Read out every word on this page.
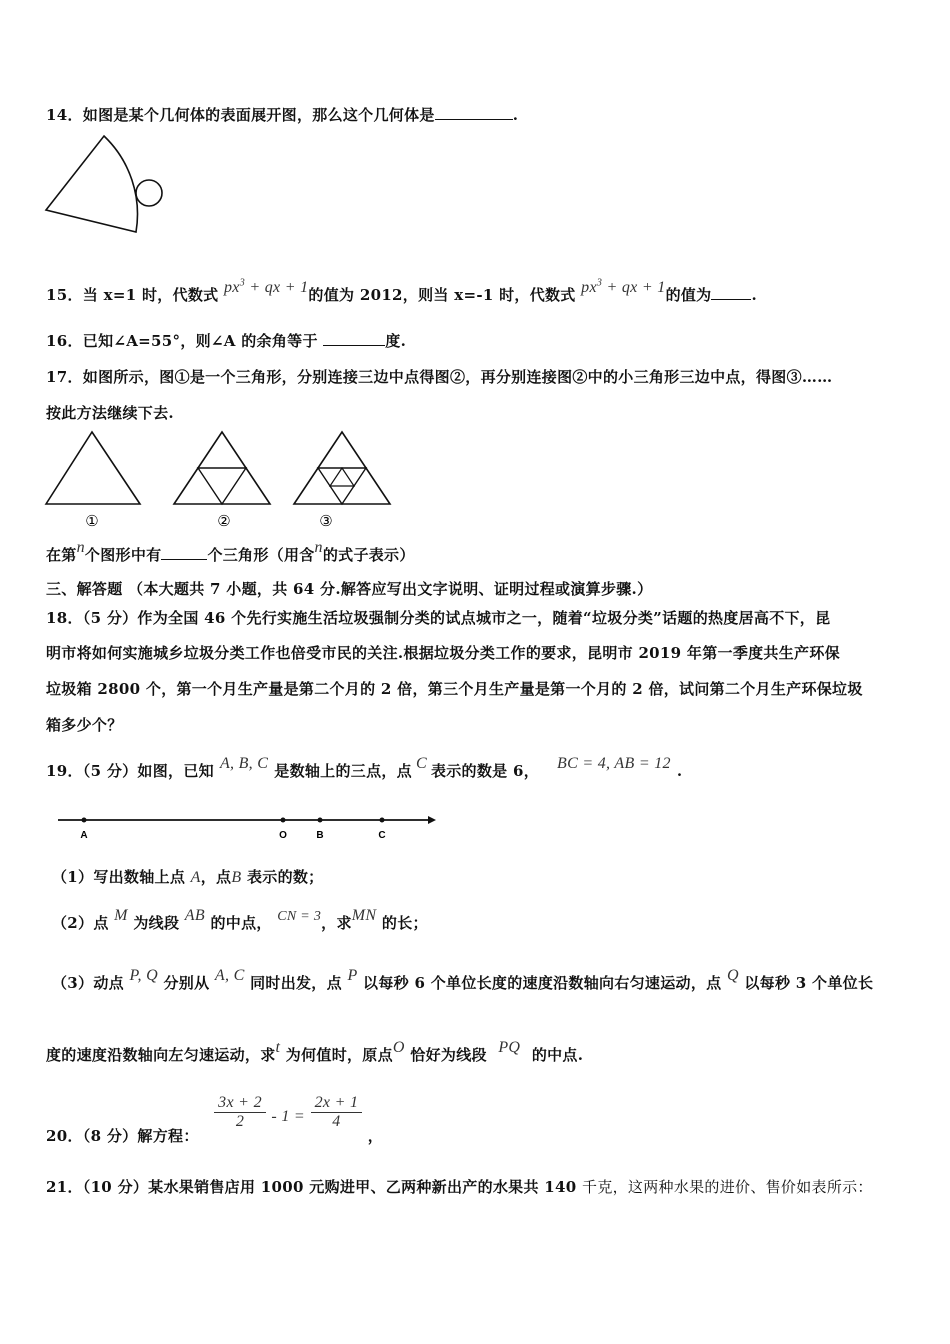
14．如图是某个几何体的表面展开图，那么这个几何体是	.
15．当 x=1 时，代数式 $px^3$ + qx + 1的值为 2012，则当 x=-1 时，代数式 $px^3$ + qx + 1的值为	.
16．已知∠A=55°，则∠A 的余角等于	度.
17．如图所示，图①是一个三角形，分别连接三边中点得图②，再分别连接图②中的小三角形三边中点，得图③……
按此方法继续下去.
①	②	③
在第n个图形中有	个三角形（用含n的式子表示）
三、解答题 （本大题共 7 小题，共 64 分.解答应写出文字说明、证明过程或演算步骤.）
18．（5 分）作为全国 46 个先行实施生活垃圾强制分类的试点城市之一，随着“垃圾分类”话题的热度居高不下，昆
明市将如何实施城乡垃圾分类工作也倍受市民的关注.根据垃圾分类工作的要求，昆明市 2019 年第一季度共生产环保
垃圾箱 2800 个，第一个月生产量是第二个月的 2 倍，第三个月生产量是第一个月的 2 倍，试问第二个月生产环保垃圾
箱多少个？
19．（5 分）如图，已知 A, B, C 是数轴上的三点，点 C 表示的数是 6， BC = 4, AB = 12 .
A	O	B	C
（1）写出数轴上点 A，点B 表示的数；
（2）点 M 为线段 AB 的中点， CN = 3，求MN 的长；
（3）动点 P, Q 分别从 A, C 同时出发，点 P 以每秒 6 个单位长度的速度沿数轴向右匀速运动，点 Q 以每秒 3 个单位长
度的速度沿数轴向左匀速运动，求t 为何值时，原点O 恰好为线段 PQ 的中点.
20．（8 分）解方程：
$\frac{3x + 2}{2} - 1 = \frac{2x + 1}{4}$
，
21．（10 分）某水果销售店用 1000 元购进甲、乙两种新出产的水果共 140 千克，这两种水果的进价、售价如表所示：
